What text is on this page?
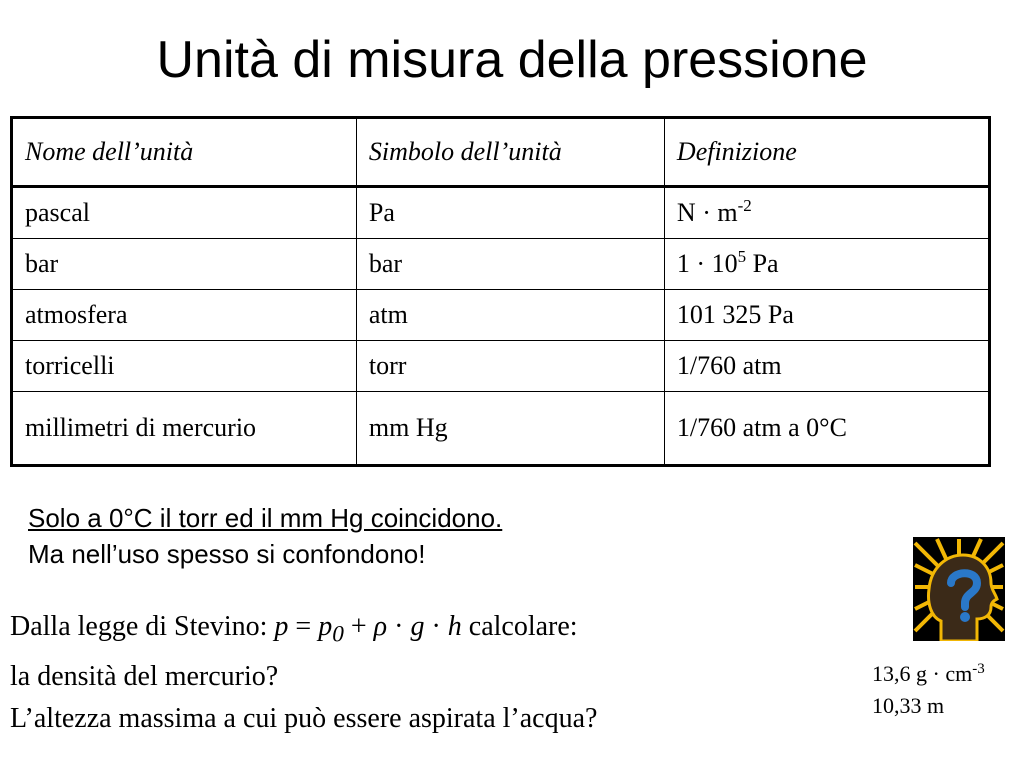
Unità di misura della pressione
Nome dell’unità	Simbolo dell’unità	Definizione
pascal	Pa	$N \cdot m^{-2}$
bar	bar	$1 \cdot 10^5$ Pa
atmosfera	atm	101 325 Pa
torricelli	torr	1/760 atm
millimetri di mercurio	mm Hg	1/760 atm a 0°C
Solo a 0°C il torr ed il mm Hg coincidono.
Ma nell’uso spesso si confondono!
Dalla legge di Stevino: $p = p_0 + \rho \cdot g \cdot h$ calcolare:
la densità del mercurio?
L’altezza massima a cui può essere aspirata l’acqua?
13,6 $g \cdot cm^{-3}$
10,33 m
